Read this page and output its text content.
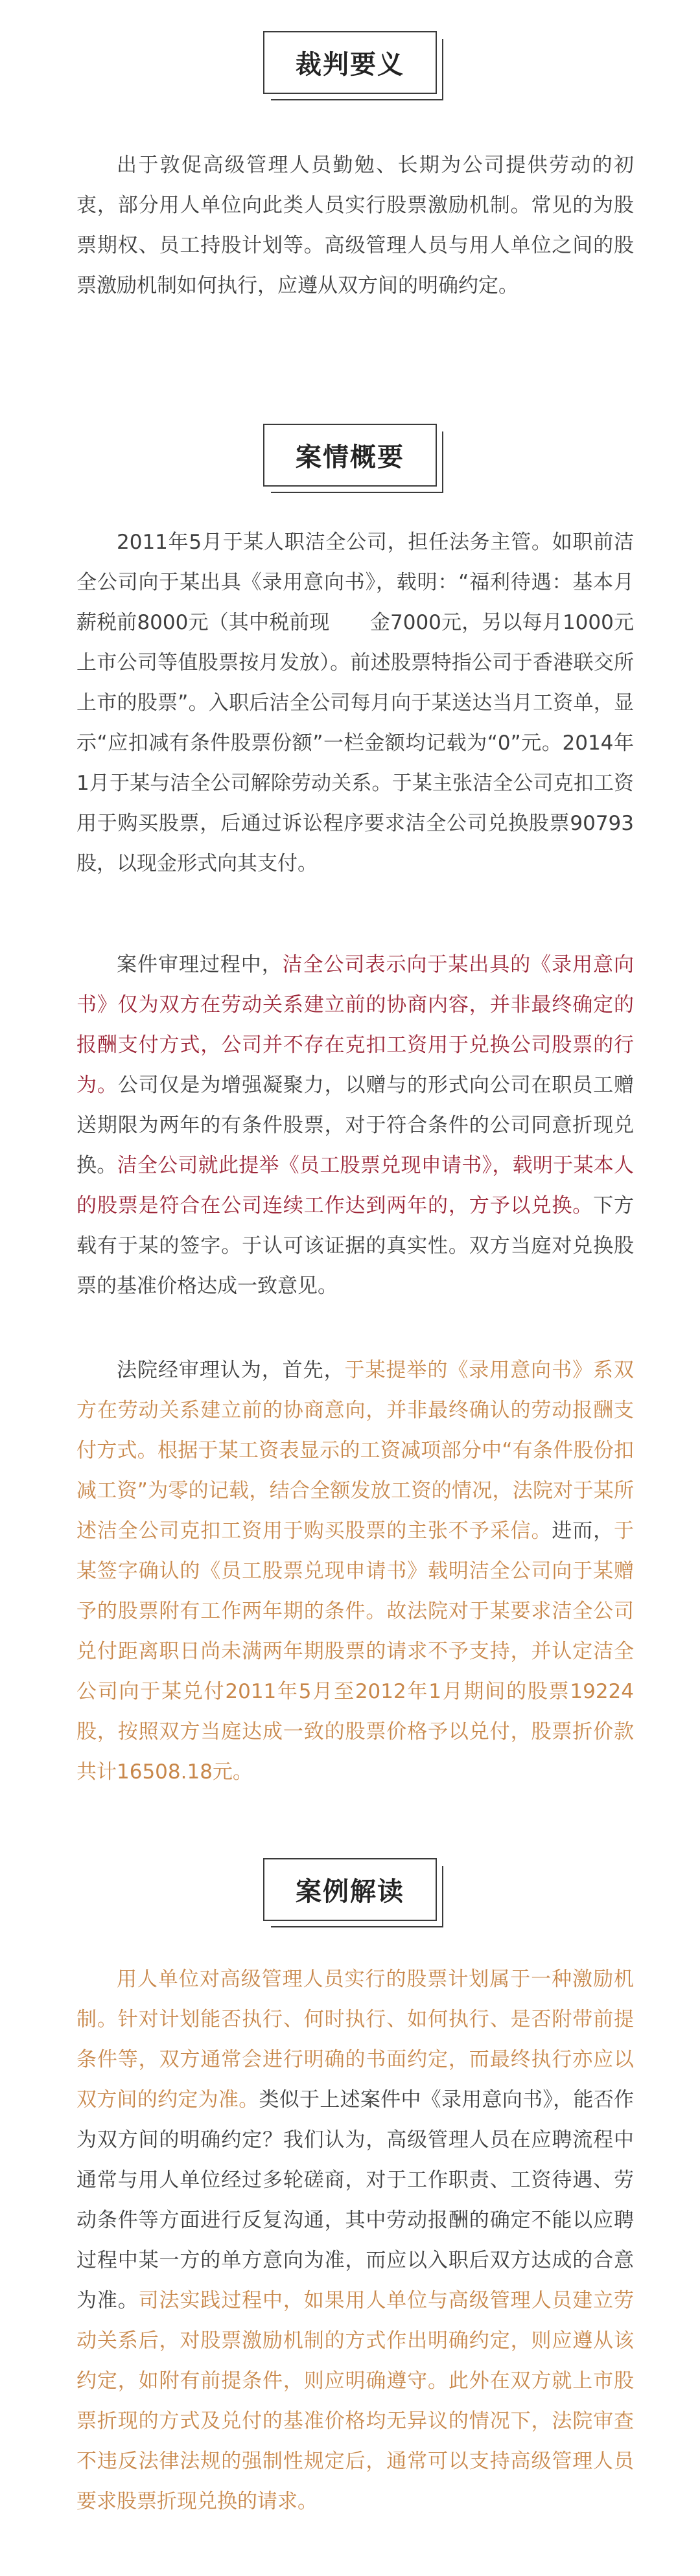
裁判要义

出于敦促高级管理人员勤勉、长期为公司提供劳动的初衷，部分用人单位向此类人员实行股票激励机制。常见的为股票期权、员工持股计划等。高级管理人员与用人单位之间的股票激励机制如何执行，应遵从双方间的明确约定。

案情概要

2011年5月于某人职洁全公司，担任法务主管。如职前洁全公司向于某出具《录用意向书》，载明：“福利待遇：基本月薪税前8000元（其中税前现　　金7000元，另以每月1000元上市公司等值股票按月发放）。前述股票特指公司于香港联交所上市的股票”。入职后洁全公司每月向于某送达当月工资单，显示“应扣减有条件股票份额”一栏金额均记载为“0”元。2014年1月于某与洁全公司解除劳动关系。于某主张洁全公司克扣工资用于购买股票，后通过诉讼程序要求洁全公司兑换股票90793股，以现金形式向其支付。

案件审理过程中，洁全公司表示向于某出具的《录用意向书》仅为双方在劳动关系建立前的协商内容，并非最终确定的报酬支付方式，公司并不存在克扣工资用于兑换公司股票的行为。公司仅是为增强凝聚力，以赠与的形式向公司在职员工赠送期限为两年的有条件股票，对于符合条件的公司同意折现兑换。洁全公司就此提举《员工股票兑现申请书》，载明于某本人的股票是符合在公司连续工作达到两年的，方予以兑换。下方载有于某的签字。于认可该证据的真实性。双方当庭对兑换股票的基准价格达成一致意见。

法院经审理认为，首先，于某提举的《录用意向书》系双方在劳动关系建立前的协商意向，并非最终确认的劳动报酬支付方式。根据于某工资表显示的工资减项部分中“有条件股份扣减工资”为零的记载，结合全额发放工资的情况，法院对于某所述洁全公司克扣工资用于购买股票的主张不予采信。进而，于某签字确认的《员工股票兑现申请书》载明洁全公司向于某赠予的股票附有工作两年期的条件。故法院对于某要求洁全公司兑付距离职日尚未满两年期股票的请求不予支持，并认定洁全公司向于某兑付2011年5月至2012年1月期间的股票19224股，按照双方当庭达成一致的股票价格予以兑付，股票折价款共计16508.18元。

案例解读

用人单位对高级管理人员实行的股票计划属于一种激励机制。针对计划能否执行、何时执行、如何执行、是否附带前提条件等，双方通常会进行明确的书面约定，而最终执行亦应以双方间的约定为准。类似于上述案件中《录用意向书》，能否作为双方间的明确约定？我们认为，高级管理人员在应聘流程中通常与用人单位经过多轮磋商，对于工作职责、工资待遇、劳动条件等方面进行反复沟通，其中劳动报酬的确定不能以应聘过程中某一方的单方意向为准，而应以入职后双方达成的合意为准。司法实践过程中，如果用人单位与高级管理人员建立劳动关系后，对股票激励机制的方式作出明确约定，则应遵从该约定，如附有前提条件，则应明确遵守。此外在双方就上市股票折现的方式及兑付的基准价格均无异议的情况下，法院审查不违反法律法规的强制性规定后，通常可以支持高级管理人员要求股票折现兑换的请求。
